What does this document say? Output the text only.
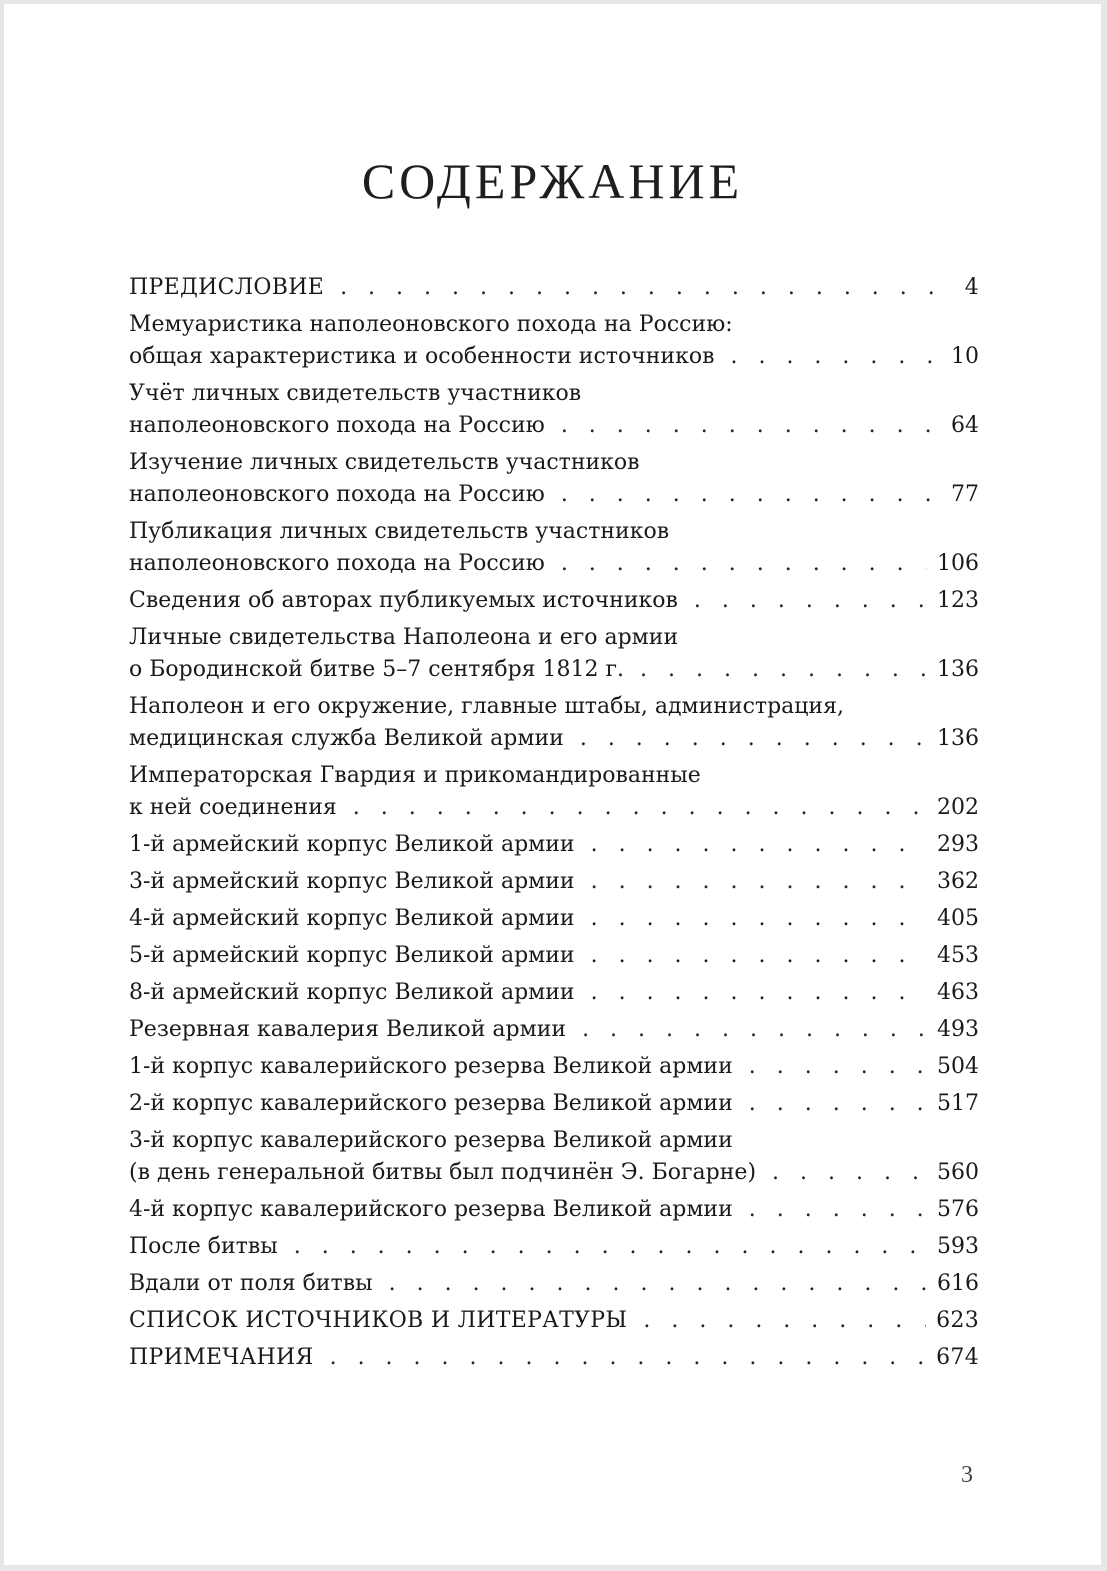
СОДЕРЖАНИЕ
ПРЕДИСЛОВИЕ . . .	4
Мемуаристика наполеоновского похода на Россию:
общая характеристика и особенности источников . . .	10
Учёт личных свидетельств участников
наполеоновского похода на Россию . . .	64
Изучение личных свидетельств участников
наполеоновского похода на Россию . . .	77
Публикация личных свидетельств участников
наполеоновского похода на Россию . . .	106
Сведения об авторах публикуемых источников . . .	123
Личные свидетельства Наполеона и его армии
о Бородинской битве 5–7 сентября 1812 г. . . .	136
Наполеон и его окружение, главные штабы, администрация,
медицинская служба Великой армии . . .	136
Императорская Гвардия и прикомандированные
к ней соединения . . .	202
1-й армейский корпус Великой армии . . .	293
3-й армейский корпус Великой армии . . .	362
4-й армейский корпус Великой армии . . .	405
5-й армейский корпус Великой армии . . .	453
8-й армейский корпус Великой армии . . .	463
Резервная кавалерия Великой армии . . .	493
1-й корпус кавалерийского резерва Великой армии . . .	504
2-й корпус кавалерийского резерва Великой армии . . .	517
3-й корпус кавалерийского резерва Великой армии
(в день генеральной битвы был подчинён Э. Богарне) . . .	560
4-й корпус кавалерийского резерва Великой армии . . .	576
После битвы . . .	593
Вдали от поля битвы . . .	616
СПИСОК ИСТОЧНИКОВ И ЛИТЕРАТУРЫ . . .	623
ПРИМЕЧАНИЯ . . .	674
3
